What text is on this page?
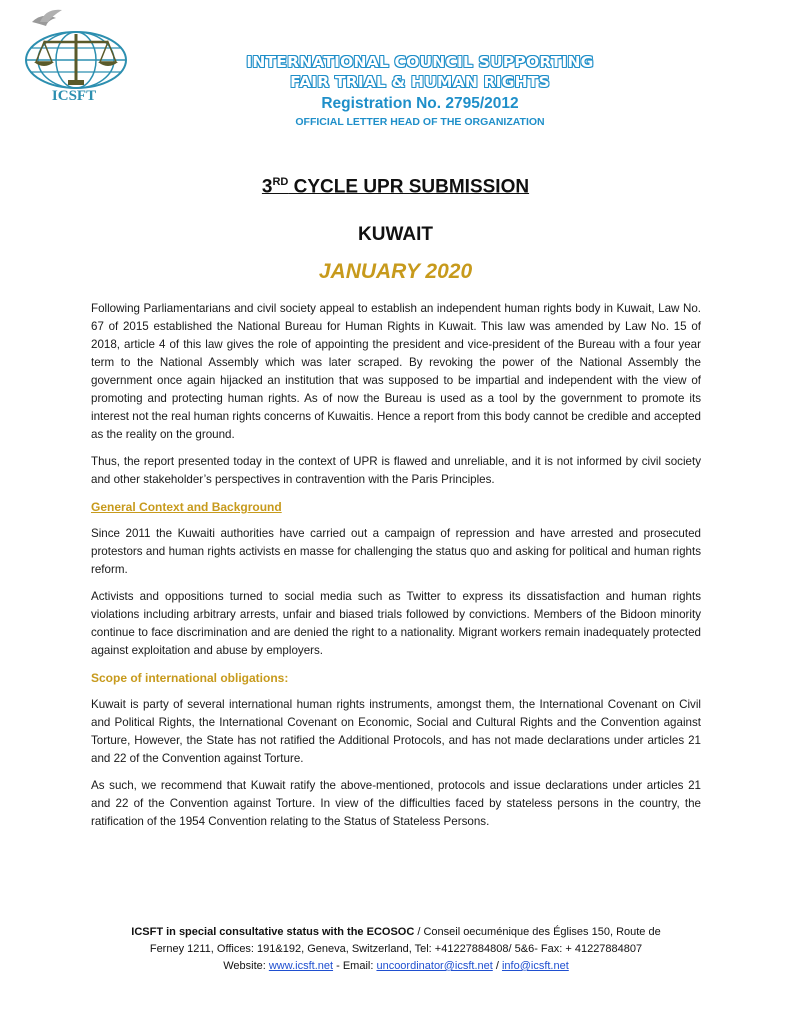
ICSFT
INTERNATIONAL COUNCIL SUPPORTING
FAIR TRIAL & HUMAN RIGHTS
Registration No. 2795/2012
OFFICIAL LETTER HEAD OF THE ORGANIZATION
3RD CYCLE UPR SUBMISSION
KUWAIT
JANUARY 2020

Following Parliamentarians and civil society appeal to establish an independent human rights body in Kuwait, Law No. 67 of 2015 established the National Bureau for Human Rights in Kuwait. This law was amended by Law No. 15 of 2018, article 4 of this law gives the role of appointing the president and vice-president of the Bureau with a four year term to the National Assembly which was later scraped. By revoking the power of the National Assembly the government once again hijacked an institution that was supposed to be impartial and independent with the view of promoting and protecting human rights. As of now the Bureau is used as a tool by the government to promote its interest not the real human rights concerns of Kuwaitis. Hence a report from this body cannot be credible and accepted as the reality on the ground.

Thus, the report presented today in the context of UPR is flawed and unreliable, and it is not informed by civil society and other stakeholder’s perspectives in contravention with the Paris Principles.

General Context and Background

Since 2011 the Kuwaiti authorities have carried out a campaign of repression and have arrested and prosecuted protestors and human rights activists en masse for challenging the status quo and asking for political and human rights reform.

Activists and oppositions turned to social media such as Twitter to express its dissatisfaction and human rights violations including arbitrary arrests, unfair and biased trials followed by convictions. Members of the Bidoon minority continue to face discrimination and are denied the right to a nationality. Migrant workers remain inadequately protected against exploitation and abuse by employers.

Scope of international obligations:

Kuwait is party of several international human rights instruments, amongst them, the International Covenant on Civil and Political Rights, the International Covenant on Economic, Social and Cultural Rights and the Convention against Torture, However, the State has not ratified the Additional Protocols, and has not made declarations under articles 21 and 22 of the Convention against Torture.

As such, we recommend that Kuwait ratify the above-mentioned, protocols and issue declarations under articles 21 and 22 of the Convention against Torture. In view of the difficulties faced by stateless persons in the country, the ratification of the 1954 Convention relating to the Status of Stateless Persons.

ICSFT in special consultative status with the ECOSOC / Conseil oecuménique des Églises 150, Route de
Ferney 1211, Offices: 191&192, Geneva, Switzerland, Tel: +41227884808/ 5&6- Fax: + 41227884807
Website: www.icsft.net - Email: uncoordinator@icsft.net / info@icsft.net
